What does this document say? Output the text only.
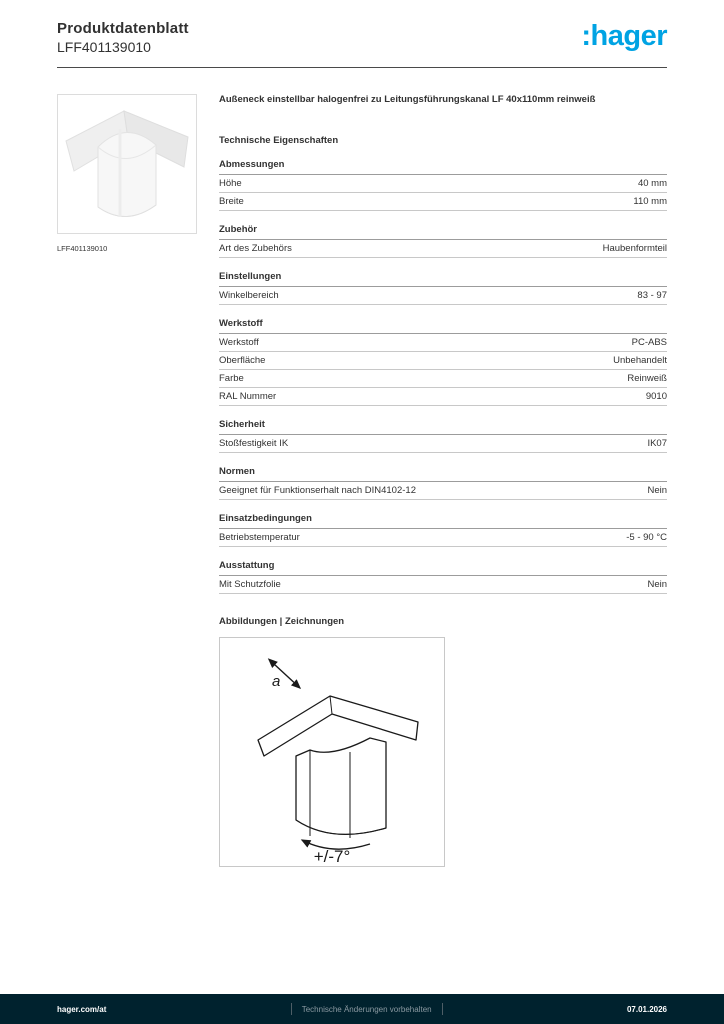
Produktdatenblatt
LFF401139010	:hager
LFF401139010
Außeneck einstellbar halogenfrei zu Leitungsführungskanal LF 40x110mm reinweiß
Technische Eigenschaften
Abmessungen
Höhe	40 mm
Breite	110 mm
Zubehör
Art des Zubehörs	Haubenformteil
Einstellungen
Winkelbereich	83 - 97
Werkstoff
Werkstoff	PC-ABS
Oberfläche	Unbehandelt
Farbe	Reinweiß
RAL Nummer	9010
Sicherheit
Stoßfestigkeit IK	IK07
Normen
Geeignet für Funktionserhalt nach DIN4102-12	Nein
Einsatzbedingungen
Betriebstemperatur	-5 - 90 °C
Ausstattung
Mit Schutzfolie	Nein
Abbildungen | Zeichnungen
a
+/-7°
hager.com/at	Technische Änderungen vorbehalten	07.01.2026
